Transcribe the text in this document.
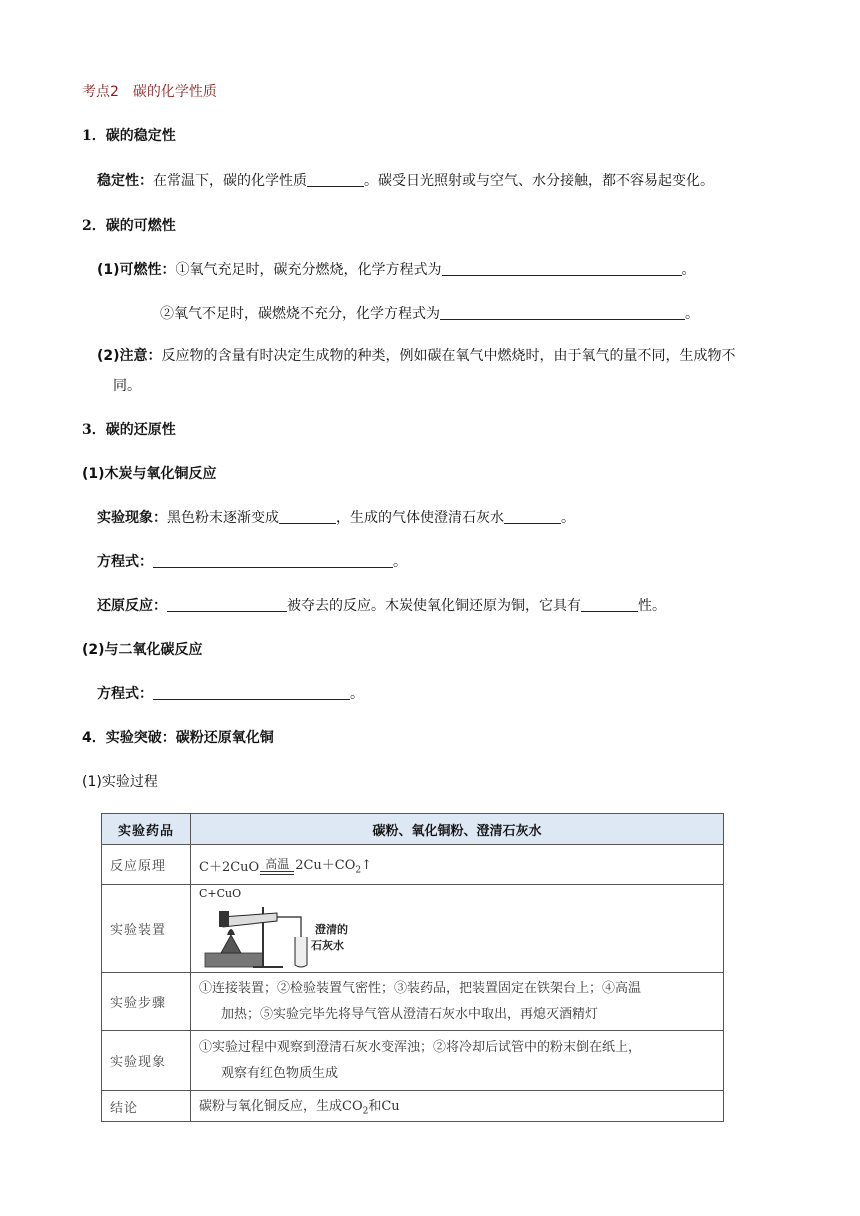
考点2　碳的化学性质
1．碳的稳定性
稳定性：在常温下，碳的化学性质	。碳受日光照射或与空气、水分接触，都不容易起变化。
2．碳的可燃性
(1)可燃性：①氧气充足时，碳充分燃烧，化学方程式为	。
②氧气不足时，碳燃烧不充分，化学方程式为	。
(2)注意：反应物的含量有时决定生成物的种类，例如碳在氧气中燃烧时，由于氧气的量不同，生成物不
同。
3．碳的还原性
(1)木炭与氧化铜反应
实验现象：黑色粉末逐渐变成	，生成的气体使澄清石灰水	。
方程式：	。
还原反应：	被夺去的反应。木炭使氧化铜还原为铜，它具有	性。
(2)与二氧化碳反应
方程式：	。
4．实验突破：碳粉还原氧化铜
(1)实验过程
实验药品	碳粉、氧化铜粉、澄清石灰水
反应原理	C＋2CuO 高温 $2Cu+CO_2↑$

实验装置	C+CuO
澄清的
石灰水

实验步骤	①连接装置；②检验装置气密性；③装药品，把装置固定在铁架台上；④高温
加热；⑤实验完毕先将导气管从澄清石灰水中取出，再熄灭酒精灯

实验现象	①实验过程中观察到澄清石灰水变浑浊；②将冷却后试管中的粉末倒在纸上，
观察有红色物质生成

结论	碳粉与氧化铜反应，生成$CO_2$和Cu
